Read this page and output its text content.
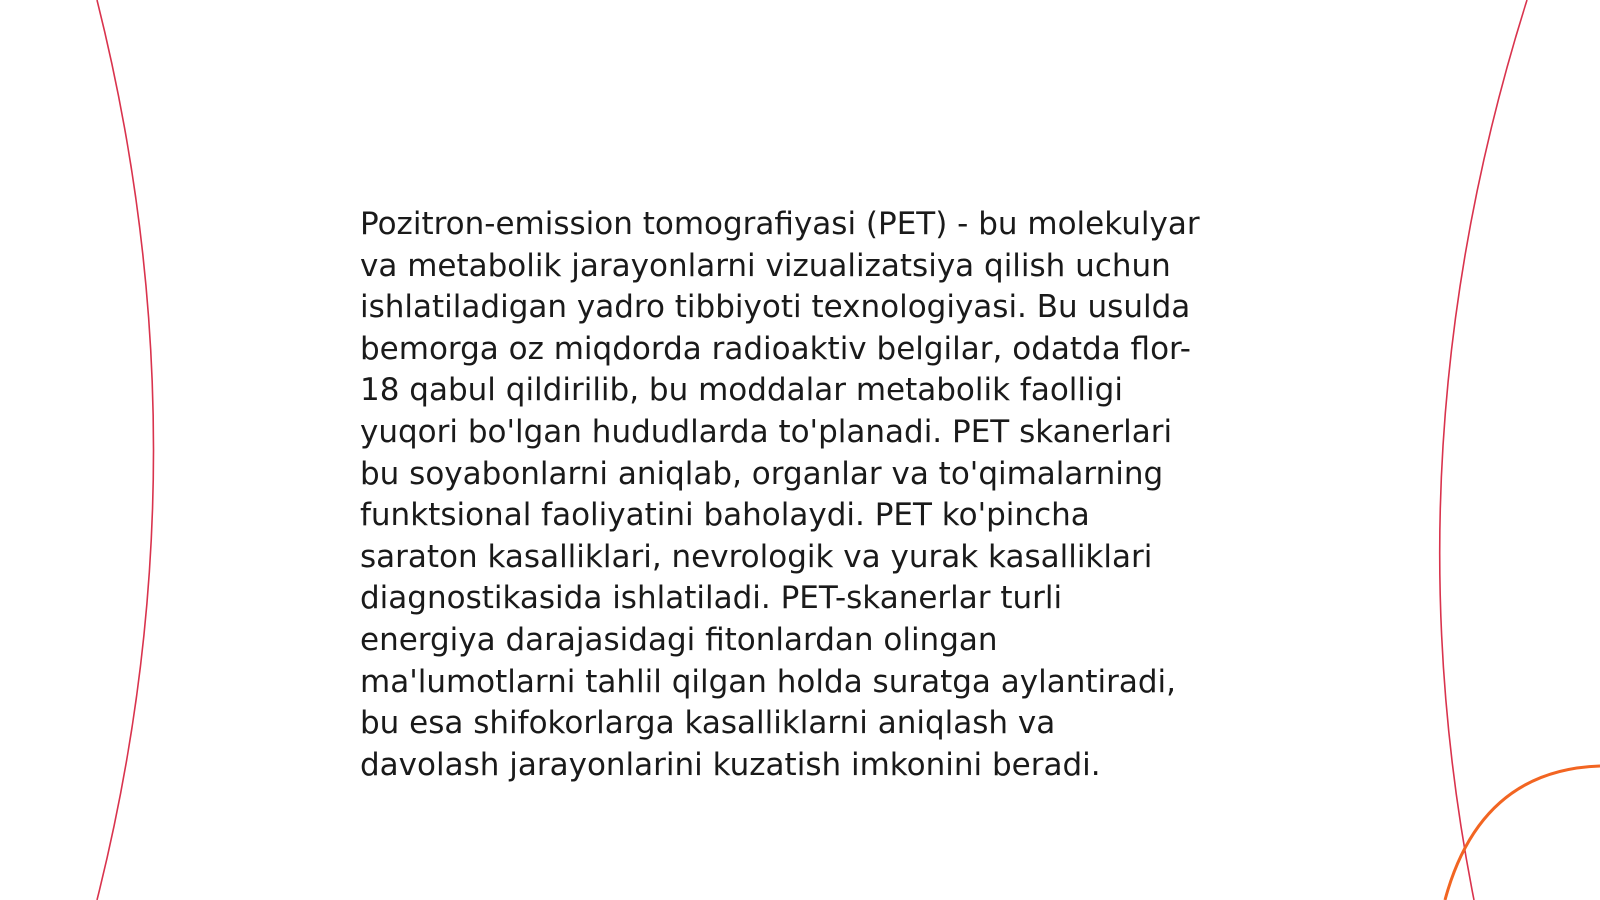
Pozitron-emission tomografiyasi (PET) - bu molekulyar
va metabolik jarayonlarni vizualizatsiya qilish uchun
ishlatiladigan yadro tibbiyoti texnologiyasi. Bu usulda
bemorga oz miqdorda radioaktiv belgilar, odatda flor-
18 qabul qildirilib, bu moddalar metabolik faolligi
yuqori bo'lgan hududlarda to'planadi. PET skanerlari
bu soyabonlarni aniqlab, organlar va to'qimalarning
funktsional faoliyatini baholaydi. PET ko'pincha
saraton kasalliklari, nevrologik va yurak kasalliklari
diagnostikasida ishlatiladi. PET-skanerlar turli
energiya darajasidagi fitonlardan olingan
ma'lumotlarni tahlil qilgan holda suratga aylantiradi,
bu esa shifokorlarga kasalliklarni aniqlash va
davolash jarayonlarini kuzatish imkonini beradi.
